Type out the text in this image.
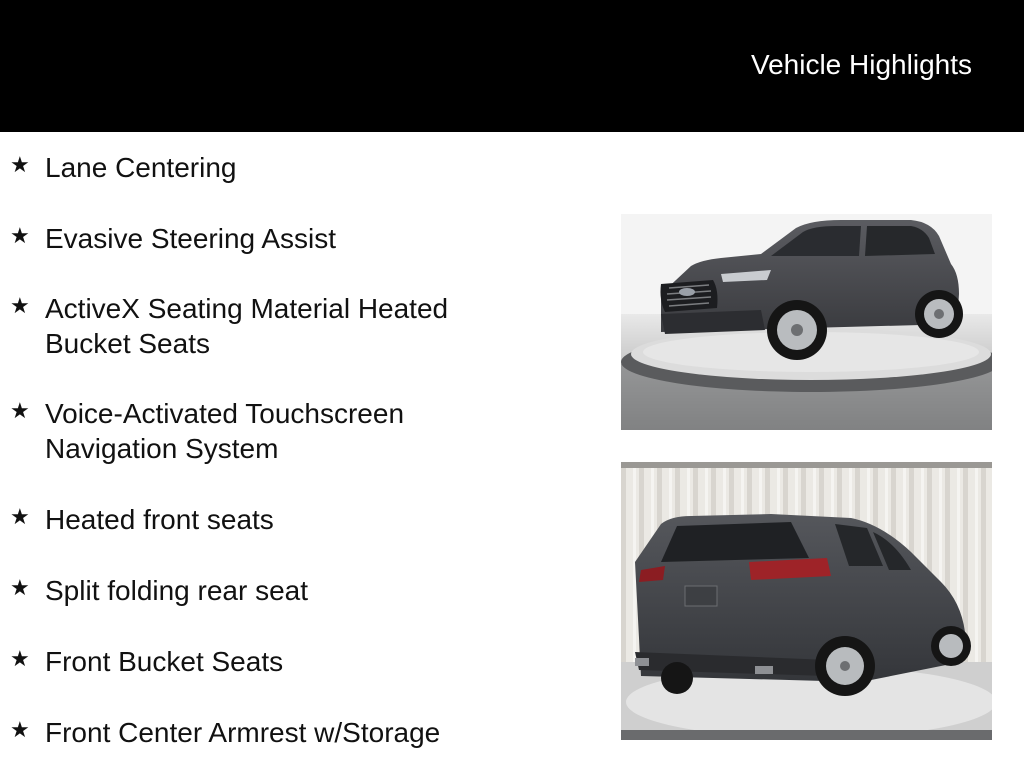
Vehicle Highlights
★ Lane Centering
★ Evasive Steering Assist
★ ActiveX Seating Material Heated Bucket Seats
★ Voice-Activated Touchscreen Navigation System
★ Heated front seats
★ Split folding rear seat
★ Front Bucket Seats
★ Front Center Armrest w/Storage
